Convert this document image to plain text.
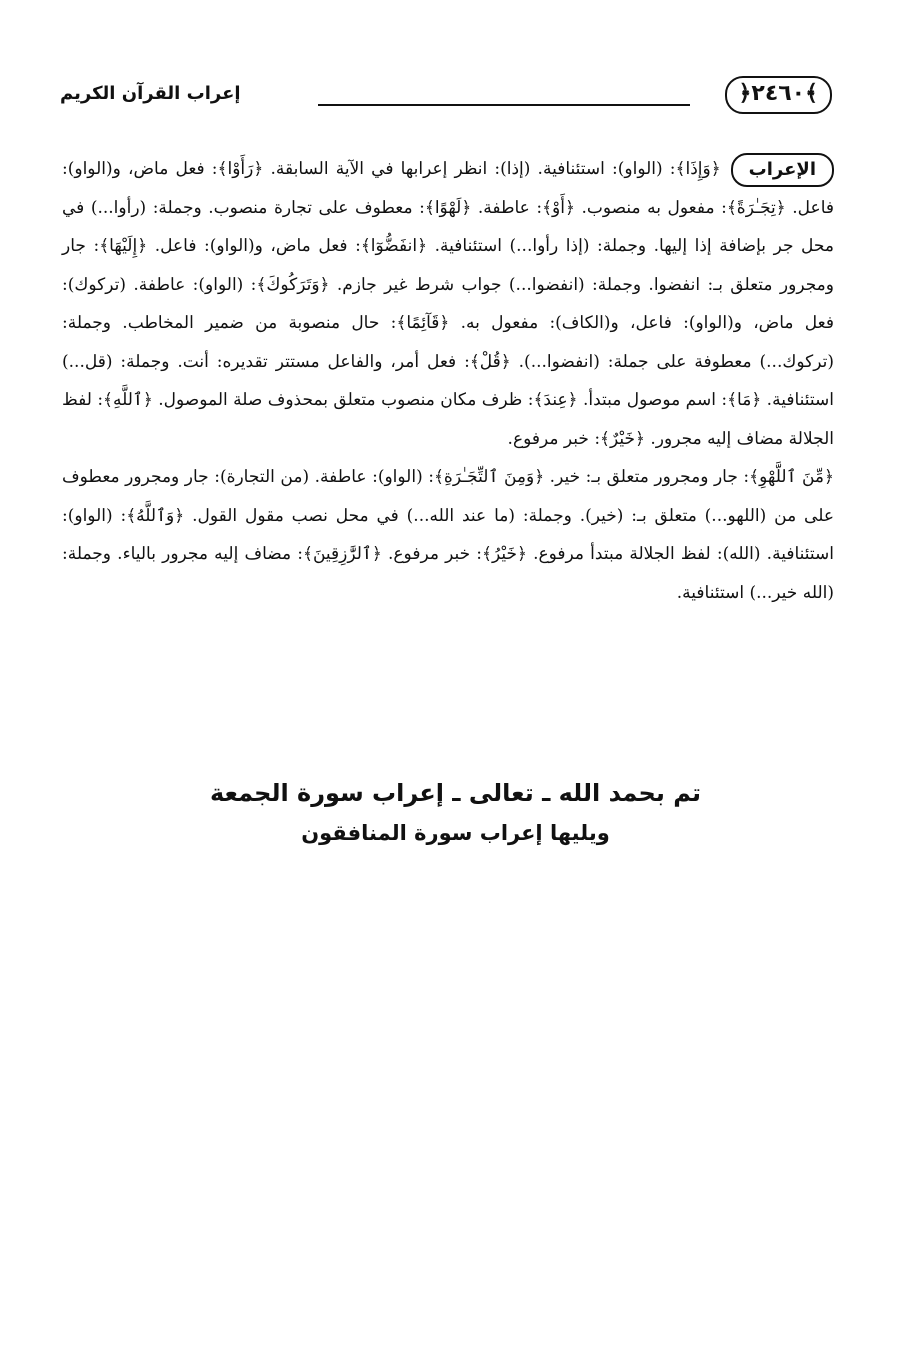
﴿٢٤٦٠﴾
إعراب القرآن الكريم
الإعراب

﴿وَإِذَا﴾: (الواو): استئنافية. (إذا): انظر إعرابها في الآية السابقة. ﴿رَأَوْا﴾: فعل ماض، و(الواو): فاعل. ﴿تِجَـٰرَةً﴾: مفعول به منصوب. ﴿أَوْ﴾: عاطفة. ﴿لَهْوًا﴾: معطوف على تجارة منصوب. وجملة: (رأوا...) في محل جر بإضافة إذا إليها. وجملة: (إذا رأوا...) استئنافية. ﴿انفَضُّوٓا﴾: فعل ماض، و(الواو): فاعل. ﴿إِلَيْهَا﴾: جار ومجرور متعلق بـ: انفضوا. وجملة: (انفضوا...) جواب شرط غير جازم. ﴿وَتَرَكُوكَ﴾: (الواو): عاطفة. (تركوك): فعل ماض، و(الواو): فاعل، و(الكاف): مفعول به. ﴿قَآئِمًا﴾: حال منصوبة من ضمير المخاطب. وجملة: (تركوك...) معطوفة على جملة: (انفضوا...). ﴿قُلْ﴾: فعل أمر، والفاعل مستتر تقديره: أنت. وجملة: (قل...) استئنافية. ﴿مَا﴾: اسم موصول مبتدأ. ﴿عِندَ﴾: ظرف مكان منصوب متعلق بمحذوف صلة الموصول. ﴿ٱللَّهِ﴾: لفظ الجلالة مضاف إليه مجرور. ﴿خَيْرٌ﴾: خبر مرفوع.

﴿مِّنَ ٱللَّهْوِ﴾: جار ومجرور متعلق بـ: خير. ﴿وَمِنَ ٱلتِّجَـٰرَةِ﴾: (الواو): عاطفة. (من التجارة): جار ومجرور معطوف على من (اللهو...) متعلق بـ: (خير). وجملة: (ما عند الله...) في محل نصب مقول القول. ﴿وَٱللَّهُ﴾: (الواو): استئنافية. (الله): لفظ الجلالة مبتدأ مرفوع. ﴿خَيْرُ﴾: خبر مرفوع. ﴿ٱلرَّٰزِقِينَ﴾: مضاف إليه مجرور بالياء. وجملة: (الله خير...) استئنافية.

تم بحمد الله ـ تعالى ـ إعراب سورة الجمعة

ويليها إعراب سورة المنافقون
